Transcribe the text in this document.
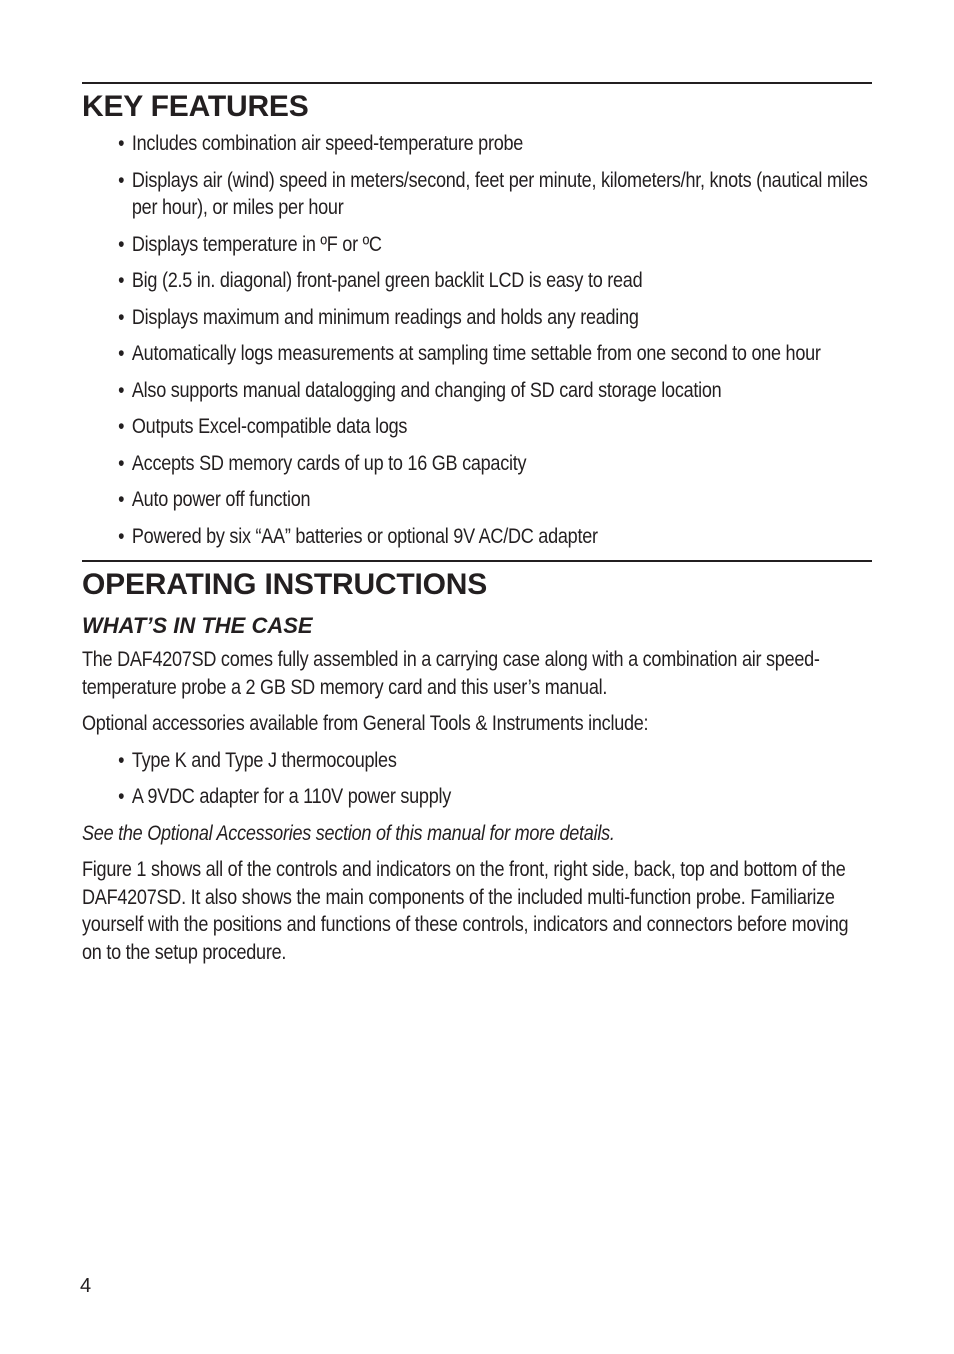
KEY FEATURES
• Includes combination air speed-temperature probe
• Displays air (wind) speed in meters/second, feet per minute, kilometers/hr, knots (nautical miles per hour), or miles per hour
• Displays temperature in ºF or ºC
• Big (2.5 in. diagonal) front-panel green backlit LCD is easy to read
• Displays maximum and minimum readings and holds any reading
• Automatically logs measurements at sampling time settable from one second to one hour
• Also supports manual datalogging and changing of SD card storage location
• Outputs Excel-compatible data logs
• Accepts SD memory cards of up to 16 GB capacity
• Auto power off function
• Powered by six “AA” batteries or optional 9V AC/DC adapter
OPERATING INSTRUCTIONS
WHAT’S IN THE CASE

The DAF4207SD comes fully assembled in a carrying case along with a combination air speed-temperature probe a 2 GB SD memory card and this user’s manual.

Optional accessories available from General Tools & Instruments include:

• Type K and Type J thermocouples
• A 9VDC adapter for a 110V power supply

See the Optional Accessories section of this manual for more details.

Figure 1 shows all of the controls and indicators on the front, right side, back, top and bottom of the DAF4207SD. It also shows the main components of the included multi-function probe. Familiarize yourself with the positions and functions of these controls, indicators and connectors before moving on to the setup procedure.

4
